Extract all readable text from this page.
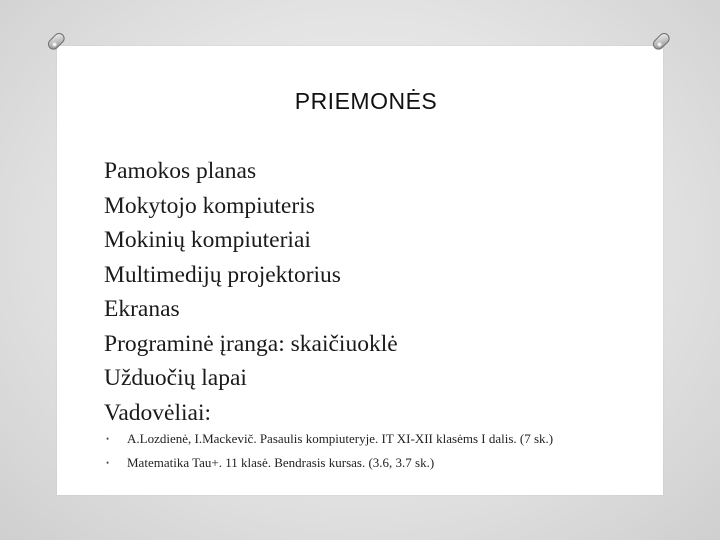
PRIEMONĖS
Pamokos planas
Mokytojo kompiuteris
Mokinių kompiuteriai
Multimedijų projektorius
Ekranas
Programinė įranga: skaičiuoklė
Užduočių lapai
Vadovėliai:
• A.Lozdienė, I.Mackevič. Pasaulis kompiuteryje. IT XI-XII klasėms I dalis. (7 sk.)
• Matematika Tau+. 11 klasė. Bendrasis kursas. (3.6, 3.7 sk.)
